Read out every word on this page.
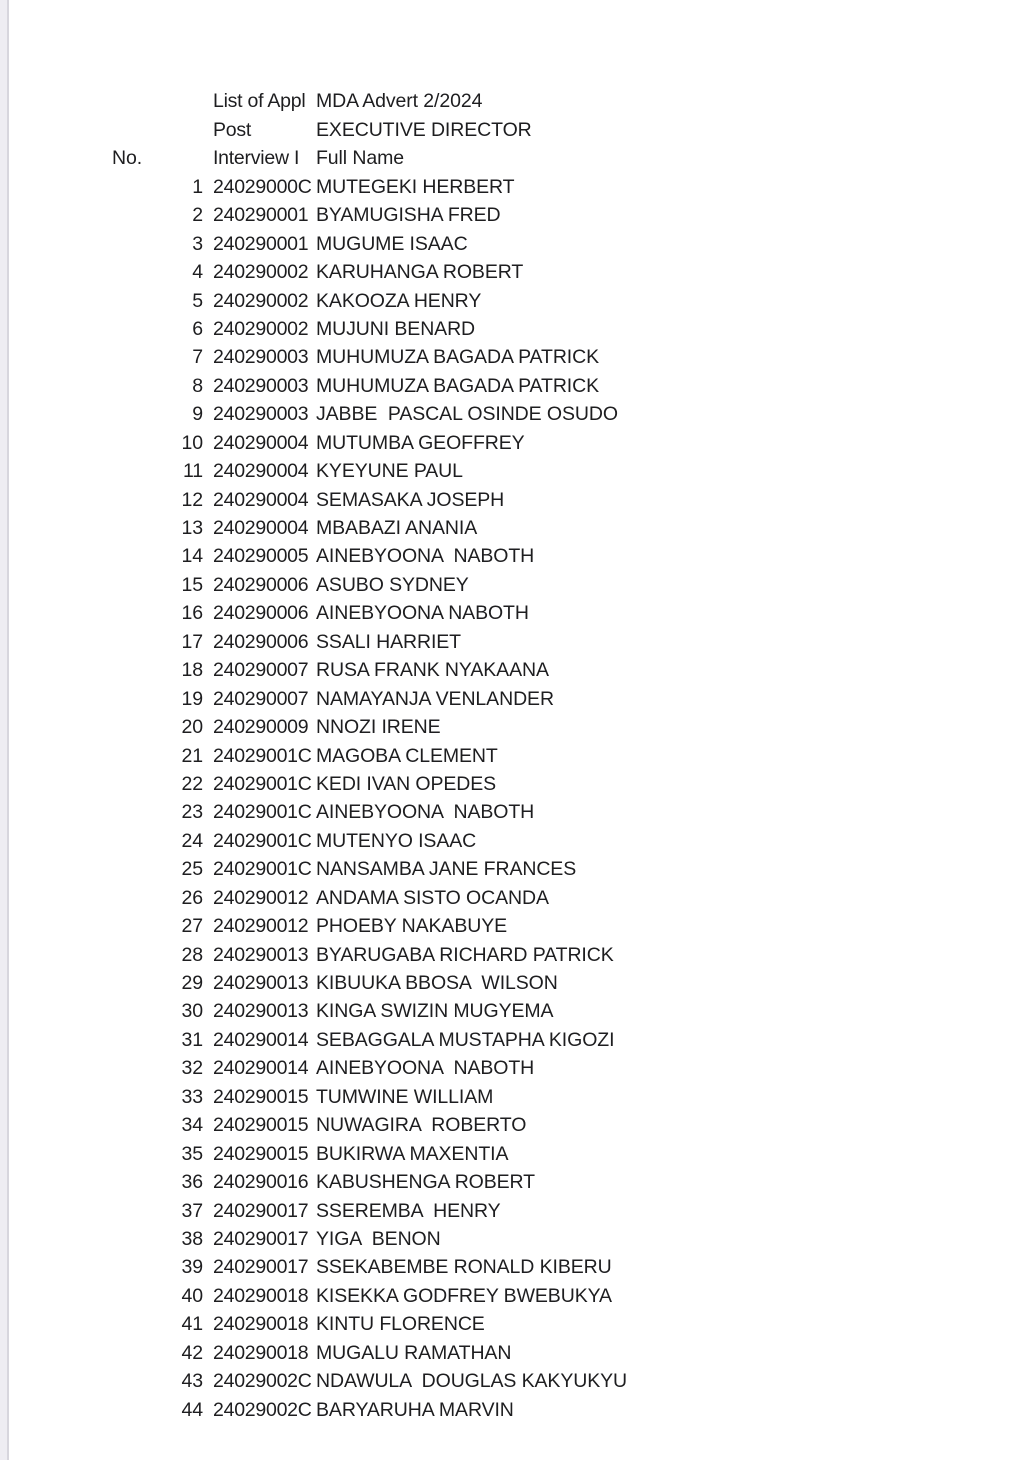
List of Appl MDA Advert 2/2024
Post	EXECUTIVE DIRECTOR
No.	Interview I Full Name
1 24029000C MUTEGEKI HERBERT
2 240290001 BYAMUGISHA FRED
3 240290001 MUGUME ISAAC
4 240290002 KARUHANGA ROBERT
5 240290002 KAKOOZA HENRY
6 240290002 MUJUNI BENARD
7 240290003 MUHUMUZA BAGADA PATRICK
8 240290003 MUHUMUZA BAGADA PATRICK
9 240290003 JABBE  PASCAL OSINDE OSUDO
10 240290004 MUTUMBA GEOFFREY
11 240290004 KYEYUNE PAUL
12 240290004 SEMASAKA JOSEPH
13 240290004 MBABAZI ANANIA
14 240290005 AINEBYOONA  NABOTH
15 240290006 ASUBO SYDNEY
16 240290006 AINEBYOONA NABOTH
17 240290006 SSALI HARRIET
18 240290007 RUSA FRANK NYAKAANA
19 240290007 NAMAYANJA VENLANDER
20 240290009 NNOZI IRENE
21 24029001C MAGOBA CLEMENT
22 24029001C KEDI IVAN OPEDES
23 24029001C AINEBYOONA  NABOTH
24 24029001C MUTENYO ISAAC
25 24029001C NANSAMBA JANE FRANCES
26 240290012 ANDAMA SISTO OCANDA
27 240290012 PHOEBY NAKABUYE
28 240290013 BYARUGABA RICHARD PATRICK
29 240290013 KIBUUKA BBOSA  WILSON
30 240290013 KINGA SWIZIN MUGYEMA
31 240290014 SEBAGGALA MUSTAPHA KIGOZI
32 240290014 AINEBYOONA  NABOTH
33 240290015 TUMWINE WILLIAM
34 240290015 NUWAGIRA  ROBERTO
35 240290015 BUKIRWA MAXENTIA
36 240290016 KABUSHENGA ROBERT
37 240290017 SSEREMBA  HENRY
38 240290017 YIGA  BENON
39 240290017 SSEKABEMBE RONALD KIBERU
40 240290018 KISEKKA GODFREY BWEBUKYA
41 240290018 KINTU FLORENCE
42 240290018 MUGALU RAMATHAN
43 24029002C NDAWULA  DOUGLAS KAKYUKYU
44 24029002C BARYARUHA MARVIN
